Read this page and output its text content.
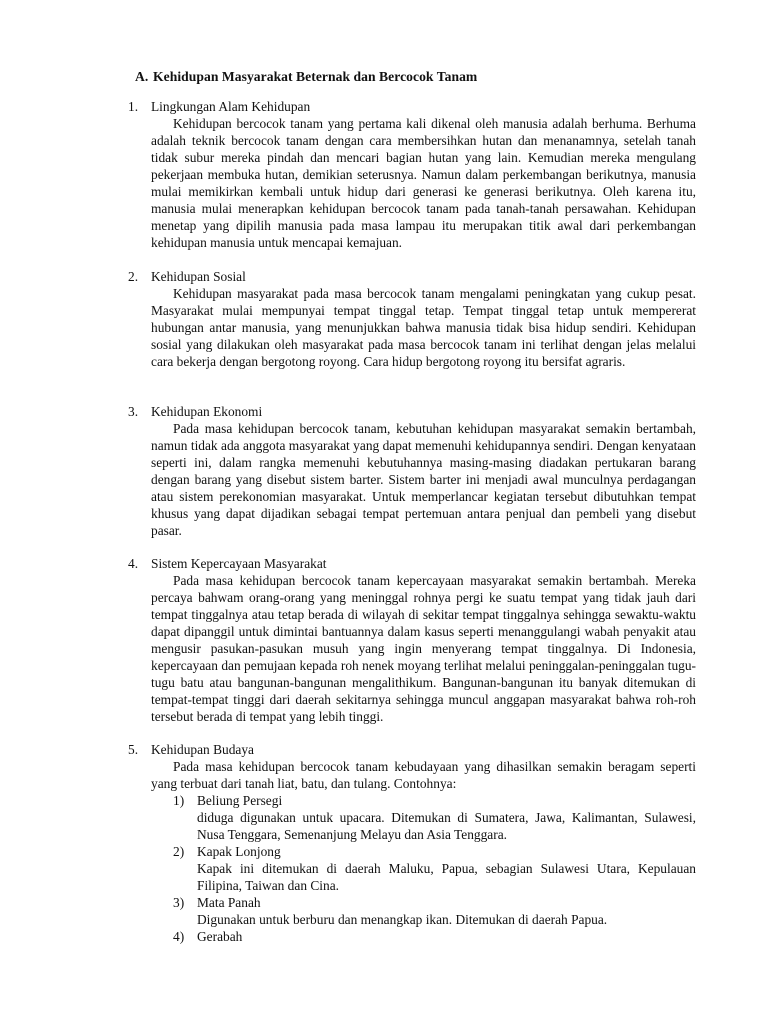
A. Kehidupan Masyarakat Beternak dan Bercocok Tanam
1. Lingkungan Alam Kehidupan
Kehidupan bercocok tanam yang pertama kali dikenal oleh manusia adalah berhuma. Berhuma adalah teknik bercocok tanam dengan cara membersihkan hutan dan menanamnya, setelah tanah tidak subur mereka pindah dan mencari bagian hutan yang lain. Kemudian mereka mengulang pekerjaan membuka hutan, demikian seterusnya. Namun dalam perkembangan berikutnya, manusia mulai memikirkan kembali untuk hidup dari generasi ke generasi berikutnya. Oleh karena itu, manusia mulai menerapkan kehidupan bercocok tanam pada tanah-tanah persawahan. Kehidupan menetap yang dipilih manusia pada masa lampau itu merupakan titik awal dari perkembangan kehidupan manusia untuk mencapai kemajuan.
2. Kehidupan Sosial
Kehidupan masyarakat pada masa bercocok tanam mengalami peningkatan yang cukup pesat. Masyarakat mulai mempunyai tempat tinggal tetap. Tempat tinggal tetap untuk mempererat hubungan antar manusia, yang menunjukkan bahwa manusia tidak bisa hidup sendiri. Kehidupan sosial yang dilakukan oleh masyarakat pada masa bercocok tanam ini terlihat dengan jelas melalui cara bekerja dengan bergotong royong. Cara hidup bergotong royong itu bersifat agraris.
3. Kehidupan Ekonomi
Pada masa kehidupan bercocok tanam, kebutuhan kehidupan masyarakat semakin bertambah, namun tidak ada anggota masyarakat yang dapat memenuhi kehidupannya sendiri. Dengan kenyataan seperti ini, dalam rangka memenuhi kebutuhannya masing-masing diadakan pertukaran barang dengan barang yang disebut sistem barter. Sistem barter ini menjadi awal munculnya perdagangan atau sistem perekonomian masyarakat. Untuk memperlancar kegiatan tersebut dibutuhkan tempat khusus yang dapat dijadikan sebagai tempat pertemuan antara penjual dan pembeli yang disebut pasar.
4. Sistem Kepercayaan Masyarakat
Pada masa kehidupan bercocok tanam kepercayaan masyarakat semakin bertambah. Mereka percaya bahwam orang-orang yang meninggal rohnya pergi ke suatu tempat yang tidak jauh dari tempat tinggalnya atau tetap berada di wilayah di sekitar tempat tinggalnya sehingga sewaktu-waktu dapat dipanggil untuk dimintai bantuannya dalam kasus seperti menanggulangi wabah penyakit atau mengusir pasukan-pasukan musuh yang ingin menyerang tempat tinggalnya. Di Indonesia, kepercayaan dan pemujaan kepada roh nenek moyang terlihat melalui peninggalan-peninggalan tugu-tugu batu atau bangunan-bangunan mengalithikum. Bangunan-bangunan itu banyak ditemukan di tempat-tempat tinggi dari daerah sekitarnya sehingga muncul anggapan masyarakat bahwa roh-roh tersebut berada di tempat yang lebih tinggi.
5. Kehidupan Budaya
Pada masa kehidupan bercocok tanam kebudayaan yang dihasilkan semakin beragam seperti yang terbuat dari tanah liat, batu, dan tulang. Contohnya:
1) Beliung Persegi
diduga digunakan untuk upacara. Ditemukan di Sumatera, Jawa, Kalimantan, Sulawesi, Nusa Tenggara, Semenanjung Melayu dan Asia Tenggara.
2) Kapak Lonjong
Kapak ini ditemukan di daerah Maluku, Papua, sebagian Sulawesi Utara, Kepulauan Filipina, Taiwan dan Cina.
3) Mata Panah
Digunakan untuk berburu dan menangkap ikan. Ditemukan di daerah Papua.
4) Gerabah
